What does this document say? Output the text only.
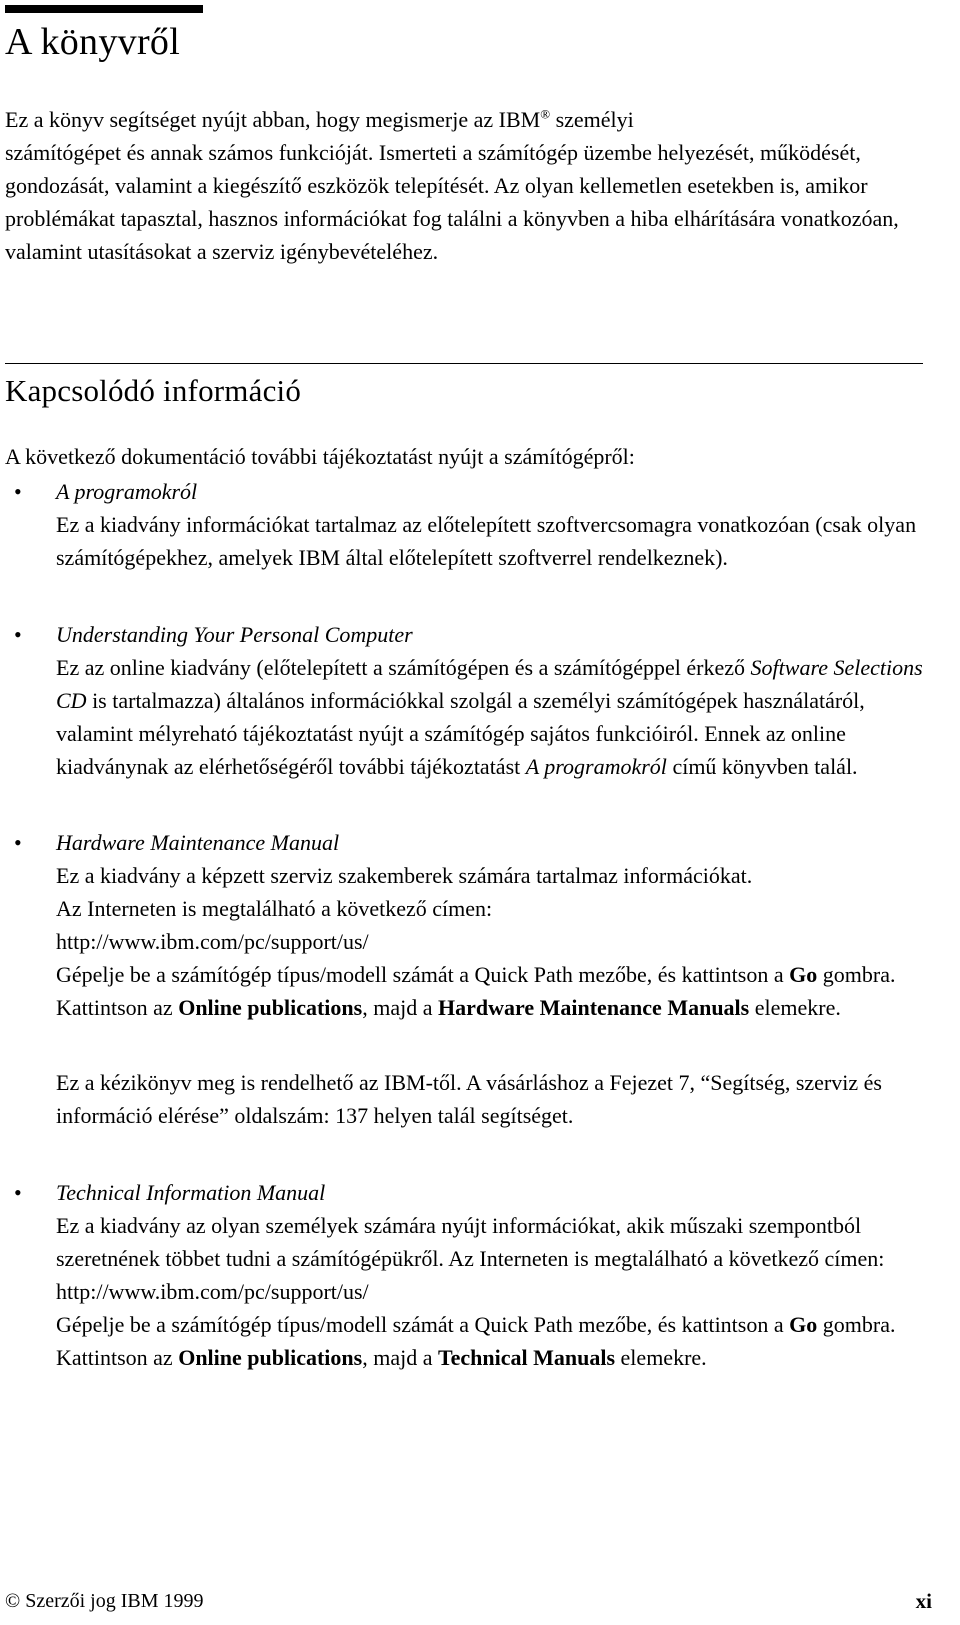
A könyvről

Ez a könyv segítséget nyújt abban, hogy megismerje az IBM® személyi
számítógépet és annak számos funkcióját. Ismerteti a számítógép üzembe helyezését, működését, gondozását, valamint a kiegészítő eszközök telepítését. Az olyan kellemetlen esetekben is, amikor problémákat tapasztal, hasznos információkat fog találni a könyvben a hiba elhárítására vonatkozóan, valamint utasításokat a szerviz igénybevételéhez.

Kapcsolódó információ

A következő dokumentáció további tájékoztatást nyújt a számítógépről:

• A programokról
Ez a kiadvány információkat tartalmaz az előtelepített szoftvercsomagra vonatkozóan (csak olyan számítógépekhez, amelyek IBM által előtelepített szoftverrel rendelkeznek).

• Understanding Your Personal Computer
Ez az online kiadvány (előtelepített a számítógépen és a számítógéppel érkező Software Selections CD is tartalmazza) általános információkkal szolgál a személyi számítógépek használatáról, valamint mélyreható tájékoztatást nyújt a számítógép sajátos funkcióiról. Ennek az online kiadványnak az elérhetőségéről további tájékoztatást A programokról című könyvben talál.

• Hardware Maintenance Manual
Ez a kiadvány a képzett szerviz szakemberek számára tartalmaz információkat.
Az Interneten is megtalálható a következő címen:
http://www.ibm.com/pc/support/us/
Gépelje be a számítógép típus/modell számát a Quick Path mezőbe, és kattintson a Go gombra. Kattintson az Online publications, majd a Hardware Maintenance Manuals elemekre.

Ez a kézikönyv meg is rendelhető az IBM-től. A vásárláshoz a Fejezet 7, “Segítség, szerviz és információ elérése” oldalszám: 137 helyen talál segítséget.

• Technical Information Manual
Ez a kiadvány az olyan személyek számára nyújt információkat, akik műszaki szempontból szeretnének többet tudni a számítógépükről. Az Interneten is megtalálható a következő címen: http://www.ibm.com/pc/support/us/
Gépelje be a számítógép típus/modell számát a Quick Path mezőbe, és kattintson a Go gombra. Kattintson az Online publications, majd a Technical Manuals elemekre.

© Szerzői jog IBM 1999	xi
